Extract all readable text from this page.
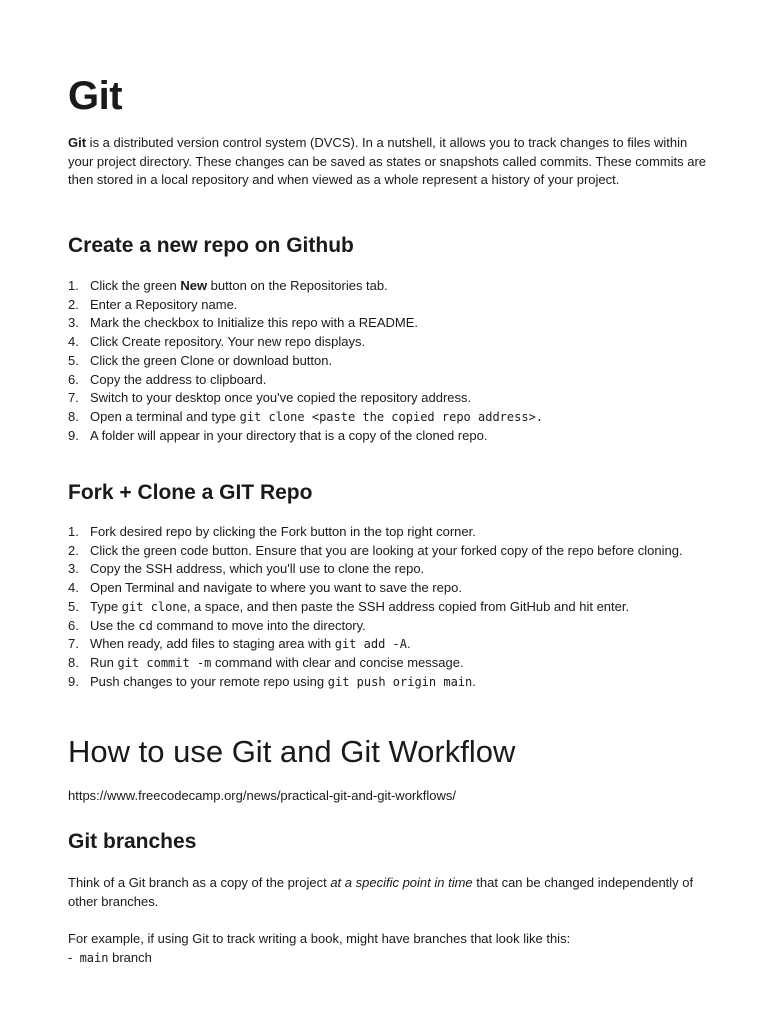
Git

Git is a distributed version control system (DVCS). In a nutshell, it allows you to track changes to files within your project directory. These changes can be saved as states or snapshots called commits. These commits are then stored in a local repository and when viewed as a whole represent a history of your project.

Create a new repo on Github
1. Click the green New button on the Repositories tab.
2. Enter a Repository name.
3. Mark the checkbox to Initialize this repo with a README.
4. Click Create repository. Your new repo displays.
5. Click the green Clone or download button.
6. Copy the address to clipboard.
7. Switch to your desktop once you've copied the repository address.
8. Open a terminal and type git clone <paste the copied repo address>.
9. A folder will appear in your directory that is a copy of the cloned repo.
Fork + Clone a GIT Repo
1. Fork desired repo by clicking the Fork button in the top right corner.
2. Click the green code button. Ensure that you are looking at your forked copy of the repo before cloning.
3. Copy the SSH address, which you'll use to clone the repo.
4. Open Terminal and navigate to where you want to save the repo.
5. Type git clone, a space, and then paste the SSH address copied from GitHub and hit enter.
6. Use the cd command to move into the directory.
7. When ready, add files to staging area with git add -A.
8. Run git commit -m command with clear and concise message.
9. Push changes to your remote repo using git push origin main.
How to use Git and Git Workflow
https://www.freecodecamp.org/news/practical-git-and-git-workflows/
Git branches

Think of a Git branch as a copy of the project at a specific point in time that can be changed independently of other branches.

For example, if using Git to track writing a book, might have branches that look like this:
- main branch
